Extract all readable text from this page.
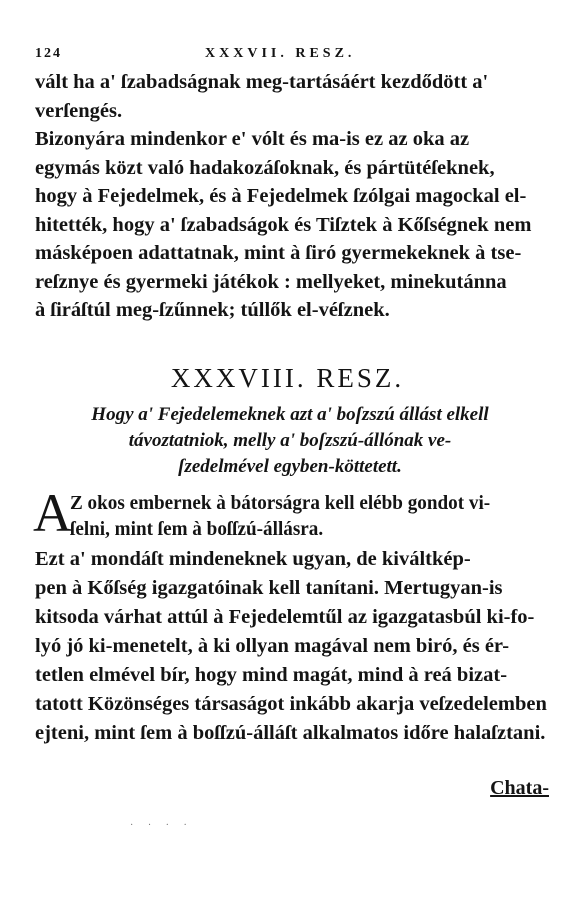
124	XXXVII. RESZ.
vált ha a' ſzabadságnak meg-tartásáért kezdődött a'
verſengés.
Bizonyára mindenkor e' vólt és ma-is ez az oka az
egymás közt való hadakozáſoknak, és pártütéſeknek,
hogy à Fejedelmek, és à Fejedelmek ſzólgai magockal el-
hitették, hogy a' ſzabadságok és Tiſztek à Kőſségnek nem
másképoen adattatnak, mint à ſiró gyermekeknek à tse-
reſznye és gyermeki játékok : mellyeket, minekutánna
à ſiráſtúl meg-ſzűnnek; túllők el-véſznek.
XXXVIII. RESZ.
Hogy a' Fejedelemeknek azt a' boſzszú állást elkell
távoztatniok, melly a' boſzszú-állónak ve-
ſzedelmével egyben-köttetett.
A
Z okos embernek à bátorságra kell elébb gondot vi-
ſelni, mint ſem à boſſzú-állásra.
Ezt a' mondáſt mindeneknek ugyan, de kiváltkép-
pen à Kőſség igazgatóinak kell tanítani. Mertugyan-is
kitsoda várhat attúl à Fejedelemtűl az igazgatasbúl ki-fo-
lyó jó ki-menetelt, à ki ollyan magával nem biró, és ér-
tetlen elmével bír, hogy mind magát, mind à reá bizat-
tatott Közönséges társaságot inkább akarja veſzedelemben
ejteni, mint ſem à boſſzú-álláſt alkalmatos időre halaſztani.
Chata-
· · · ·
